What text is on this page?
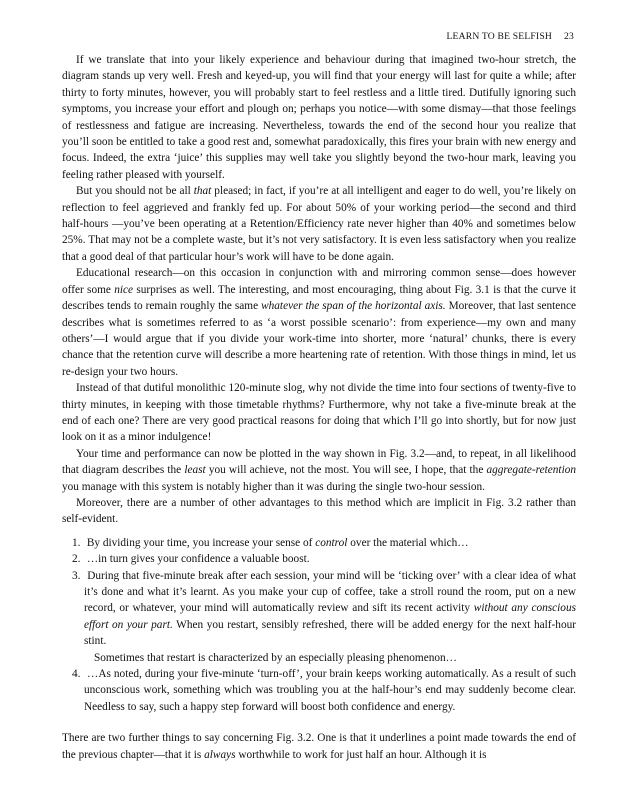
LEARN TO BE SELFISH 23

If we translate that into your likely experience and behaviour during that imagined two-hour stretch, the diagram stands up very well. Fresh and keyed-up, you will find that your energy will last for quite a while; after thirty to forty minutes, however, you will probably start to feel restless and a little tired. Dutifully ignoring such symptoms, you increase your effort and plough on; perhaps you notice—with some dismay—that those feelings of restlessness and fatigue are increasing. Nevertheless, towards the end of the second hour you realize that you’ll soon be entitled to take a good rest and, somewhat paradoxically, this fires your brain with new energy and focus. Indeed, the extra ‘juice’ this supplies may well take you slightly beyond the two-hour mark, leaving you feeling rather pleased with yourself.

But you should not be all that pleased; in fact, if you’re at all intelligent and eager to do well, you’re likely on reflection to feel aggrieved and frankly fed up. For about 50% of your working period—the second and third half-hours —you’ve been operating at a Retention/Efficiency rate never higher than 40% and sometimes below 25%. That may not be a complete waste, but it’s not very satisfactory. It is even less satisfactory when you realize that a good deal of that particular hour’s work will have to be done again.

Educational research—on this occasion in conjunction with and mirroring common sense—does however offer some nice surprises as well. The interesting, and most encouraging, thing about Fig. 3.1 is that the curve it describes tends to remain roughly the same whatever the span of the horizontal axis. Moreover, that last sentence describes what is sometimes referred to as ‘a worst possible scenario’: from experience—my own and many others’—I would argue that if you divide your work-time into shorter, more ‘natural’ chunks, there is every chance that the retention curve will describe a more heartening rate of retention. With those things in mind, let us re-design your two hours.

Instead of that dutiful monolithic 120-minute slog, why not divide the time into four sections of twenty-five to thirty minutes, in keeping with those timetable rhythms? Furthermore, why not take a five-minute break at the end of each one? There are very good practical reasons for doing that which I’ll go into shortly, but for now just look on it as a minor indulgence!

Your time and performance can now be plotted in the way shown in Fig. 3.2—and, to repeat, in all likelihood that diagram describes the least you will achieve, not the most. You will see, I hope, that the aggregate-retention you manage with this system is notably higher than it was during the single two-hour session.

Moreover, there are a number of other advantages to this method which are implicit in Fig. 3.2 rather than self-evident.

1. By dividing your time, you increase your sense of control over the material which…
2. …in turn gives your confidence a valuable boost.
3. During that five-minute break after each session, your mind will be ‘ticking over’ with a clear idea of what it’s done and what it’s learnt. As you make your cup of coffee, take a stroll round the room, put on a new record, or whatever, your mind will automatically review and sift its recent activity without any conscious effort on your part. When you restart, sensibly refreshed, there will be added energy for the next half-hour stint.
Sometimes that restart is characterized by an especially pleasing phenomenon…
4. …As noted, during your five-minute ‘turn-off’, your brain keeps working automatically. As a result of such unconscious work, something which was troubling you at the half-hour’s end may suddenly become clear. Needless to say, such a happy step forward will boost both confidence and energy.

There are two further things to say concerning Fig. 3.2. One is that it underlines a point made towards the end of the previous chapter—that it is always worthwhile to work for just half an hour. Although it is
